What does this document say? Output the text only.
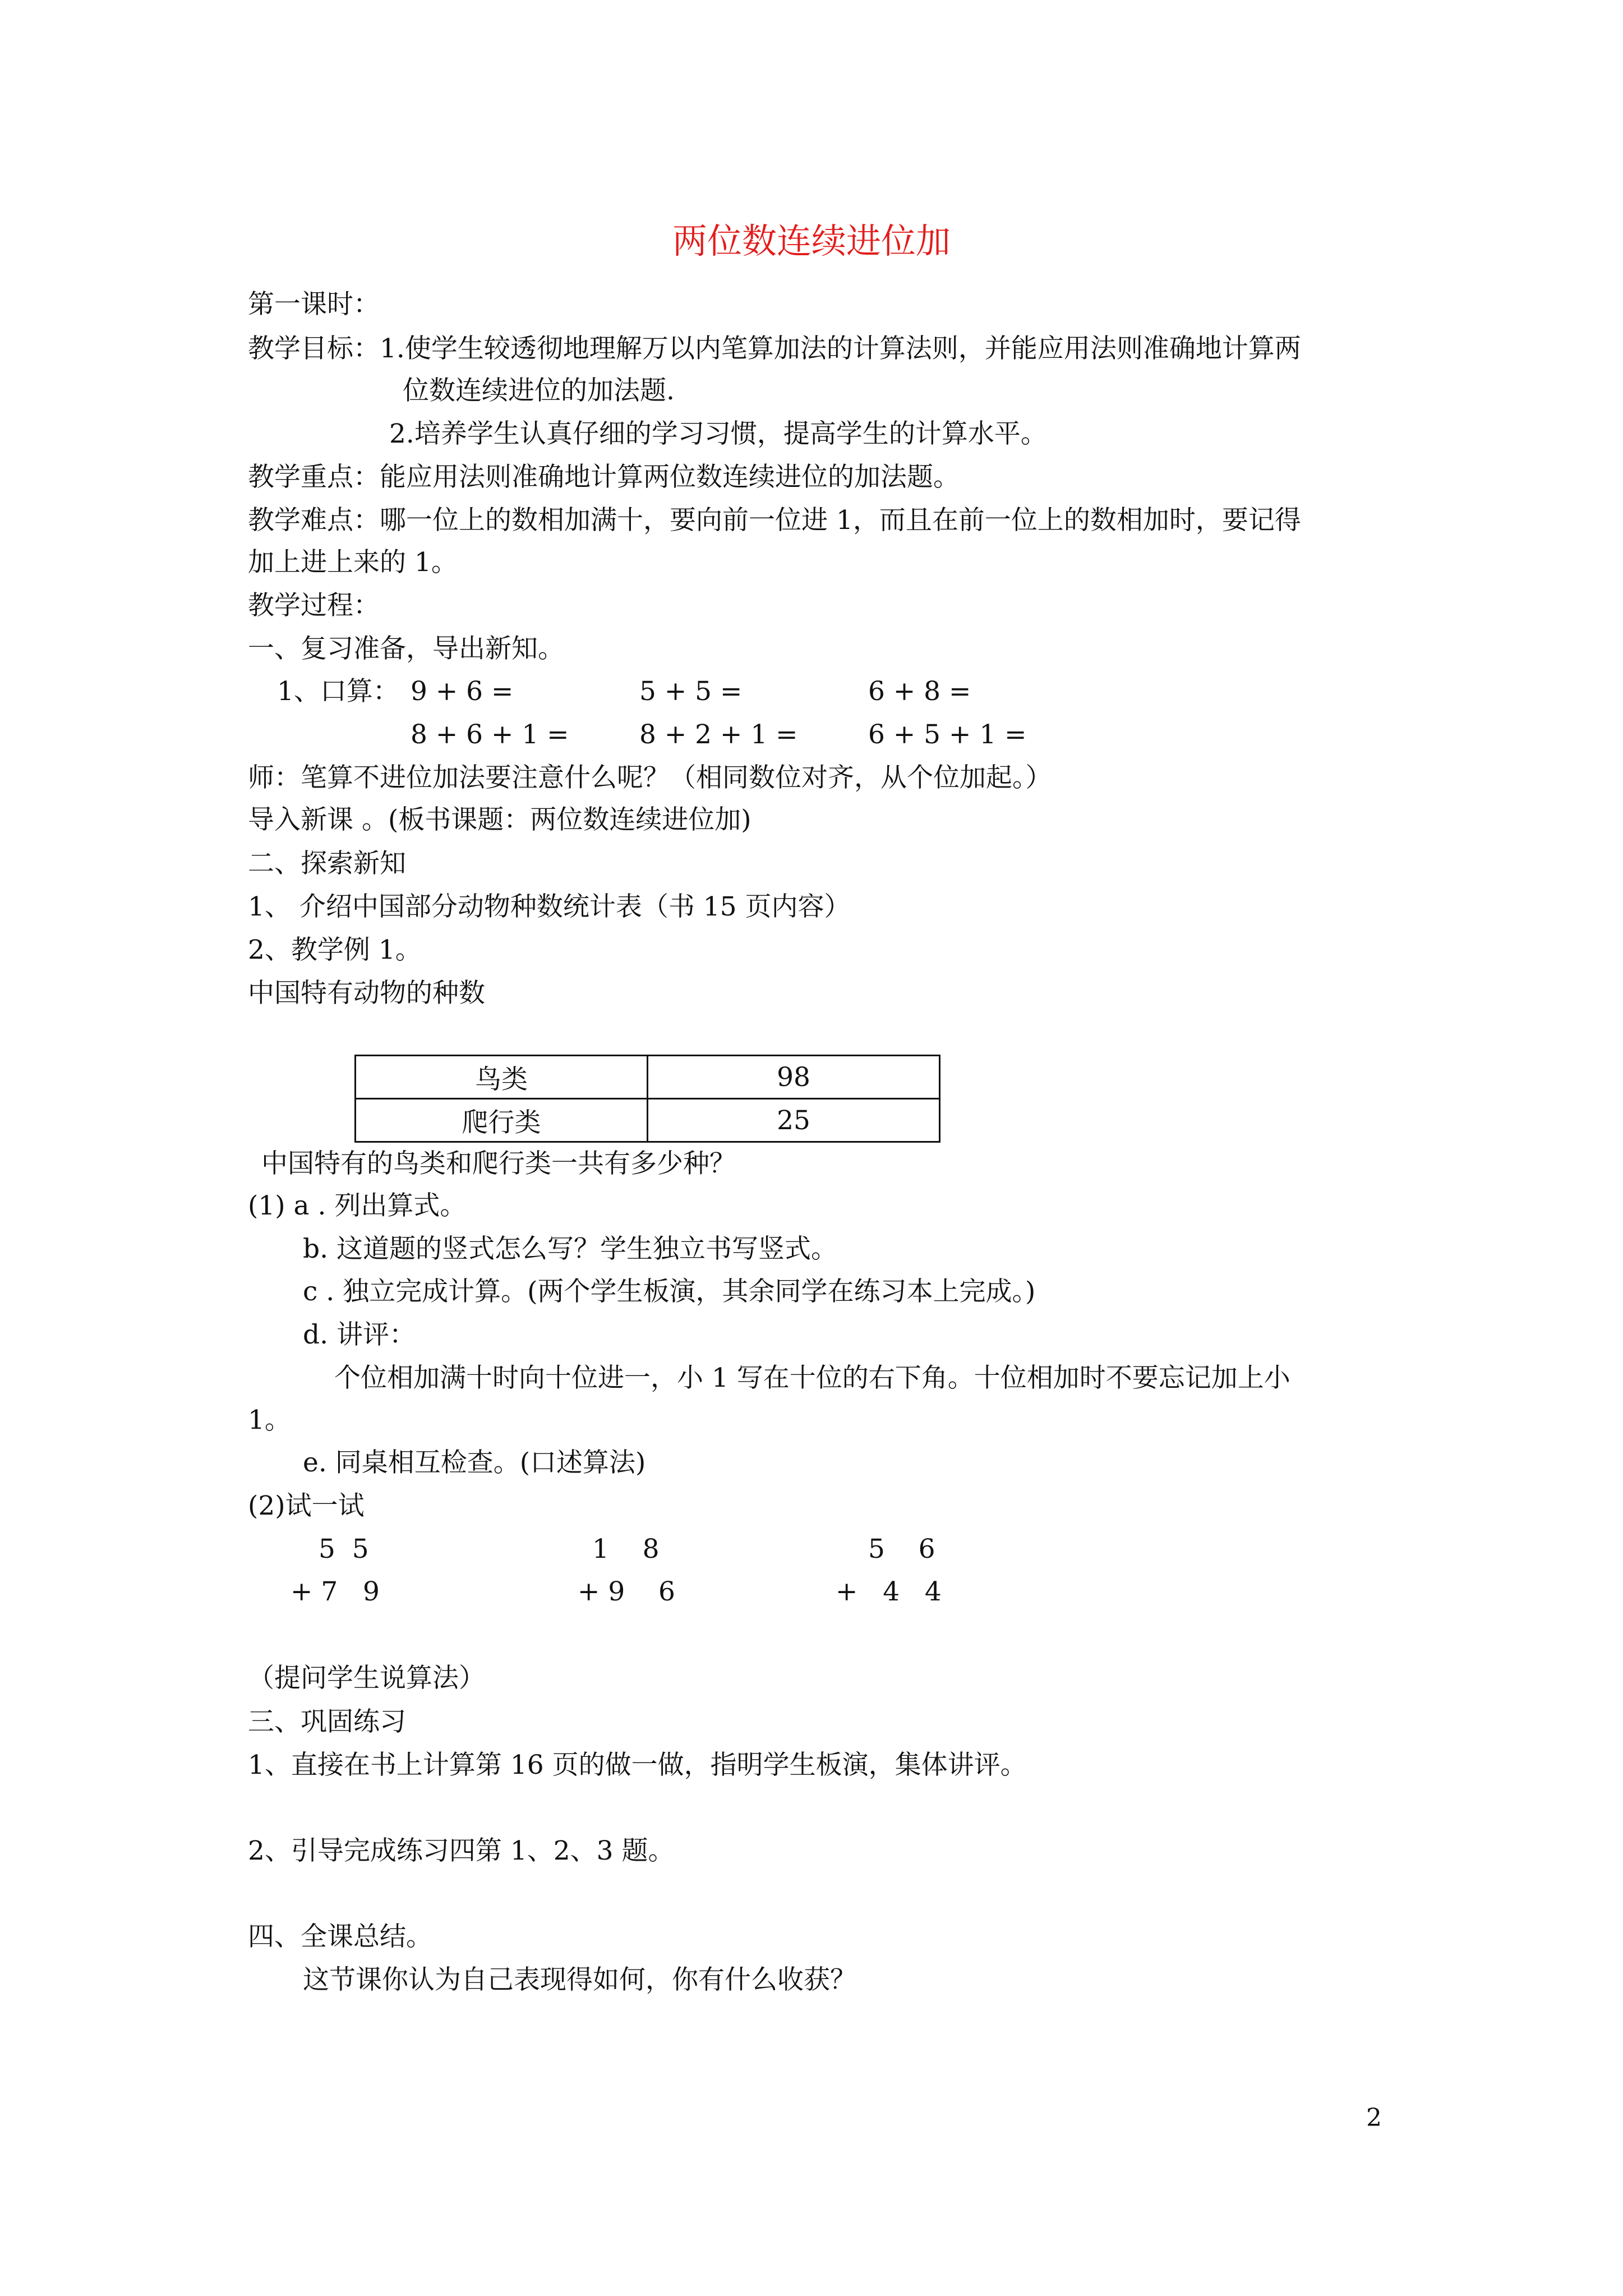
两位数连续进位加
第一课时：
教学目标：1.使学生较透彻地理解万以内笔算加法的计算法则，并能应用法则准确地计算两
位数连续进位的加法题.
2.培养学生认真仔细的学习习惯，提高学生的计算水平。
教学重点：能应用法则准确地计算两位数连续进位的加法题。
教学难点：哪一位上的数相加满十，要向前一位进 1，而且在前一位上的数相加时，要记得
加上进上来的 1。
教学过程：
一、复习准备，导出新知。
1、口算： 9 + 6 =	5 + 5 =	6 + 8 =
8 + 6 + 1 =	8 + 2 + 1 =	6 + 5 + 1 =
师：笔算不进位加法要注意什么呢？（相同数位对齐，从个位加起。）
导入新课 。(板书课题：两位数连续进位加)
二、探索新知
1、 介绍中国部分动物种数统计表（书 15 页内容）
2、教学例 1。
中国特有动物的种数
鸟类	98
爬行类	25
中国特有的鸟类和爬行类一共有多少种？
(1) a . 列出算式。
b. 这道题的竖式怎么写？学生独立书写竖式。
c . 独立完成计算。(两个学生板演，其余同学在练习本上完成。)
d. 讲评：
个位相加满十时向十位进一，小 1 写在十位的右下角。十位相加时不要忘记加上小
1。
e. 同桌相互检查。(口述算法)
(2)试一试
5  5
+ 7   9
1    8
+ 9    6
5    6
+   4   4
（提问学生说算法）
三、巩固练习
1、直接在书上计算第 16 页的做一做，指明学生板演，集体讲评。
2、引导完成练习四第 1、2、3 题。
四、全课总结。
这节课你认为自己表现得如何，你有什么收获？
2
